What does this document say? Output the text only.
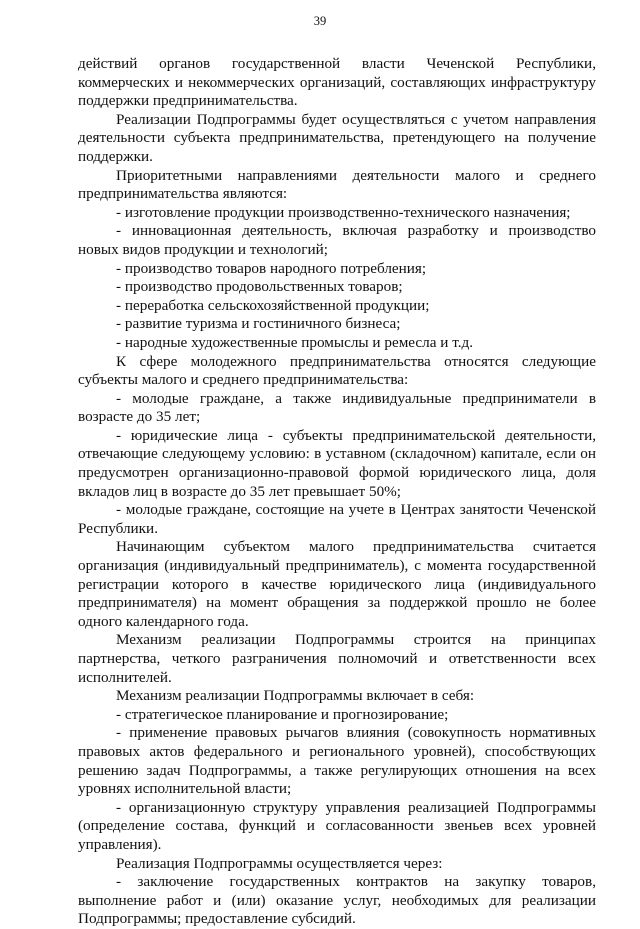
39

действий органов государственной власти Чеченской Республики, коммерческих и некоммерческих организаций, составляющих инфраструктуру поддержки предпринимательства.

Реализации Подпрограммы будет осуществляться с учетом направления деятельности субъекта предпринимательства, претендующего на получение поддержки.

Приоритетными направлениями деятельности малого и среднего предпринимательства являются:

- изготовление продукции производственно-технического назначения;

- инновационная деятельность, включая разработку и производство новых видов продукции и технологий;

- производство товаров народного потребления;

- производство продовольственных товаров;

- переработка сельскохозяйственной продукции;

- развитие туризма и гостиничного бизнеса;

- народные художественные промыслы и ремесла и т.д.

К сфере молодежного предпринимательства относятся следующие субъекты малого и среднего предпринимательства:

- молодые граждане, а также индивидуальные предприниматели в возрасте до 35 лет;

- юридические лица - субъекты предпринимательской деятельности, отвечающие следующему условию: в уставном (складочном) капитале, если он предусмотрен организационно-правовой формой юридического лица, доля вкладов лиц в возрасте до 35 лет превышает 50%;

- молодые граждане, состоящие на учете в Центрах занятости Чеченской Республики.

Начинающим субъектом малого предпринимательства считается организация (индивидуальный предприниматель), с момента государственной регистрации которого в качестве юридического лица (индивидуального предпринимателя) на момент обращения за поддержкой прошло не более одного календарного года.

Механизм реализации Подпрограммы строится на принципах партнерства, четкого разграничения полномочий и ответственности всех исполнителей.

Механизм реализации Подпрограммы включает в себя:

- стратегическое планирование и прогнозирование;

- применение правовых рычагов влияния (совокупность нормативных правовых актов федерального и регионального уровней), способствующих решению задач Подпрограммы, а также регулирующих отношения на всех уровнях исполнительной власти;

- организационную структуру управления реализацией Подпрограммы (определение состава, функций и согласованности звеньев всех уровней управления).

Реализация Подпрограммы осуществляется через:

- заключение государственных контрактов на закупку товаров, выполнение работ и (или) оказание услуг, необходимых для реализации Подпрограммы; предоставление субсидий.
